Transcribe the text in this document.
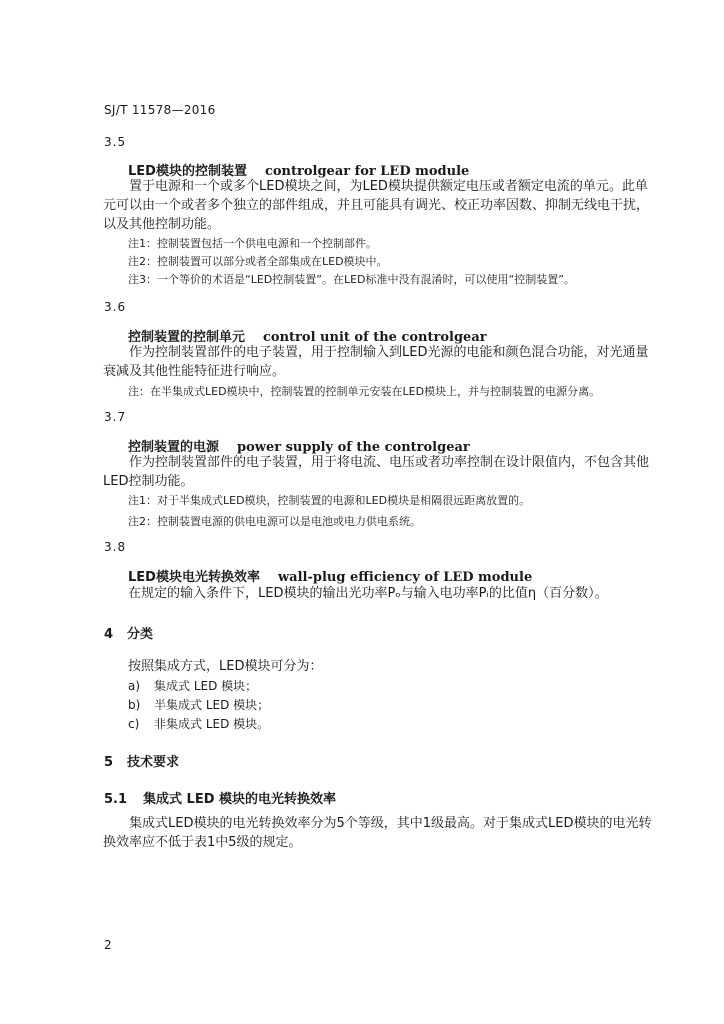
SJ/T 11578—2016
3.5
LED模块的控制装置 controlgear for LED module
置于电源和一个或多个LED模块之间，为LED模块提供额定电压或者额定电流的单元。此单元可以由一个或者多个独立的部件组成，并且可能具有调光、校正功率因数、抑制无线电干扰，以及其他控制功能。
注1：控制装置包括一个供电电源和一个控制部件。
注2：控制装置可以部分或者全部集成在LED模块中。
注3：一个等价的术语是“LED控制装置”。在LED标准中没有混淆时，可以使用“控制装置”。
3.6
控制装置的控制单元 control unit of the controlgear
作为控制装置部件的电子装置，用于控制输入到LED光源的电能和颜色混合功能，对光通量衰减及其他性能特征进行响应。
注：在半集成式LED模块中，控制装置的控制单元安装在LED模块上，并与控制装置的电源分离。
3.7
控制装置的电源 power supply of the controlgear
作为控制装置部件的电子装置，用于将电流、电压或者功率控制在设计限值内，不包含其他LED控制功能。
注1：对于半集成式LED模块，控制装置的电源和LED模块是相隔很远距离放置的。
注2：控制装置电源的供电电源可以是电池或电力供电系统。
3.8
LED模块电光转换效率 wall-plug efficiency of LED module
在规定的输入条件下，LED模块的输出光功率Pₒ与输入电功率Pᵢ的比值η（百分数）。
4 分类
按照集成方式，LED模块可分为：
a) 集成式 LED 模块；
b) 半集成式 LED 模块；
c) 非集成式 LED 模块。
5 技术要求
5.1 集成式 LED 模块的电光转换效率
集成式LED模块的电光转换效率分为5个等级，其中1级最高。对于集成式LED模块的电光转换效率应不低于表1中5级的规定。
2
